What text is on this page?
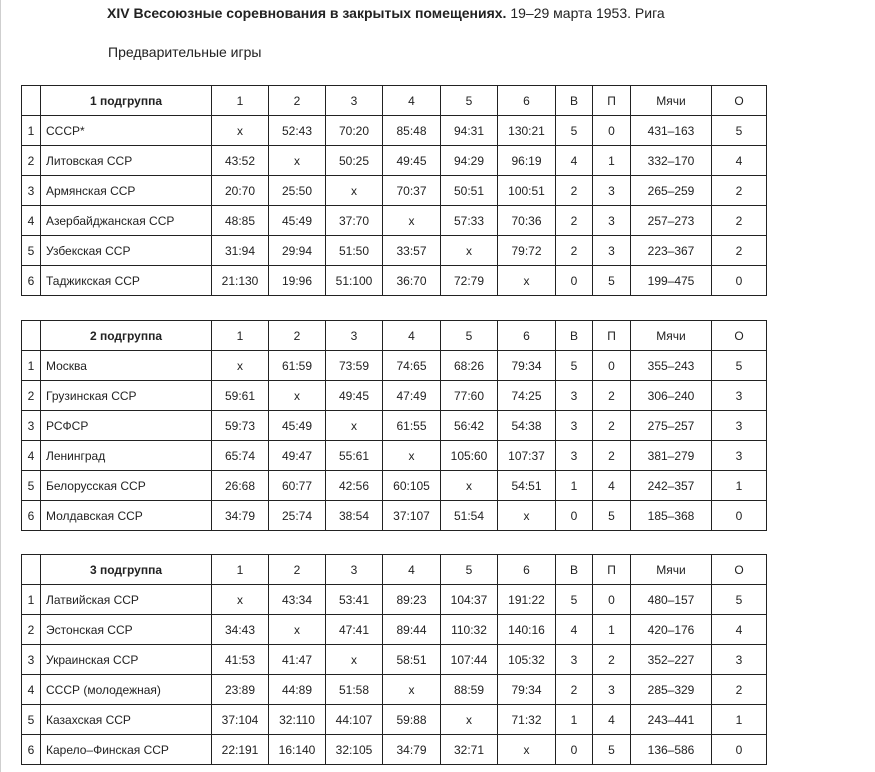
XIV Всесоюзные соревнования в закрытых помещениях. 19–29 марта 1953. Рига
Предварительные игры
	1 подгруппа	1	2	3	4	5	6	В	П	Мячи	О
1	СССР*	х	52:43	70:20	85:48	94:31	130:21	5	0	431–163	5
2	Литовская ССР	43:52	х	50:25	49:45	94:29	96:19	4	1	332–170	4
3	Армянская ССР	20:70	25:50	х	70:37	50:51	100:51	2	3	265–259	2
4	Азербайджанская ССР	48:85	45:49	37:70	х	57:33	70:36	2	3	257–273	2
5	Узбекская ССР	31:94	29:94	51:50	33:57	х	79:72	2	3	223–367	2
6	Таджикская ССР	21:130	19:96	51:100	36:70	72:79	х	0	5	199–475	0
	2 подгруппа	1	2	3	4	5	6	В	П	Мячи	О
1	Москва	х	61:59	73:59	74:65	68:26	79:34	5	0	355–243	5
2	Грузинская ССР	59:61	х	49:45	47:49	77:60	74:25	3	2	306–240	3
3	РСФСР	59:73	45:49	х	61:55	56:42	54:38	3	2	275–257	3
4	Ленинград	65:74	49:47	55:61	х	105:60	107:37	3	2	381–279	3
5	Белорусская ССР	26:68	60:77	42:56	60:105	х	54:51	1	4	242–357	1
6	Молдавская ССР	34:79	25:74	38:54	37:107	51:54	х	0	5	185–368	0
	3 подгруппа	1	2	3	4	5	6	В	П	Мячи	О
1	Латвийская ССР	х	43:34	53:41	89:23	104:37	191:22	5	0	480–157	5
2	Эстонская ССР	34:43	х	47:41	89:44	110:32	140:16	4	1	420–176	4
3	Украинская ССР	41:53	41:47	х	58:51	107:44	105:32	3	2	352–227	3
4	СССР (молодежная)	23:89	44:89	51:58	х	88:59	79:34	2	3	285–329	2
5	Казахская ССР	37:104	32:110	44:107	59:88	х	71:32	1	4	243–441	1
6	Карело–Финская ССР	22:191	16:140	32:105	34:79	32:71	х	0	5	136–586	0
